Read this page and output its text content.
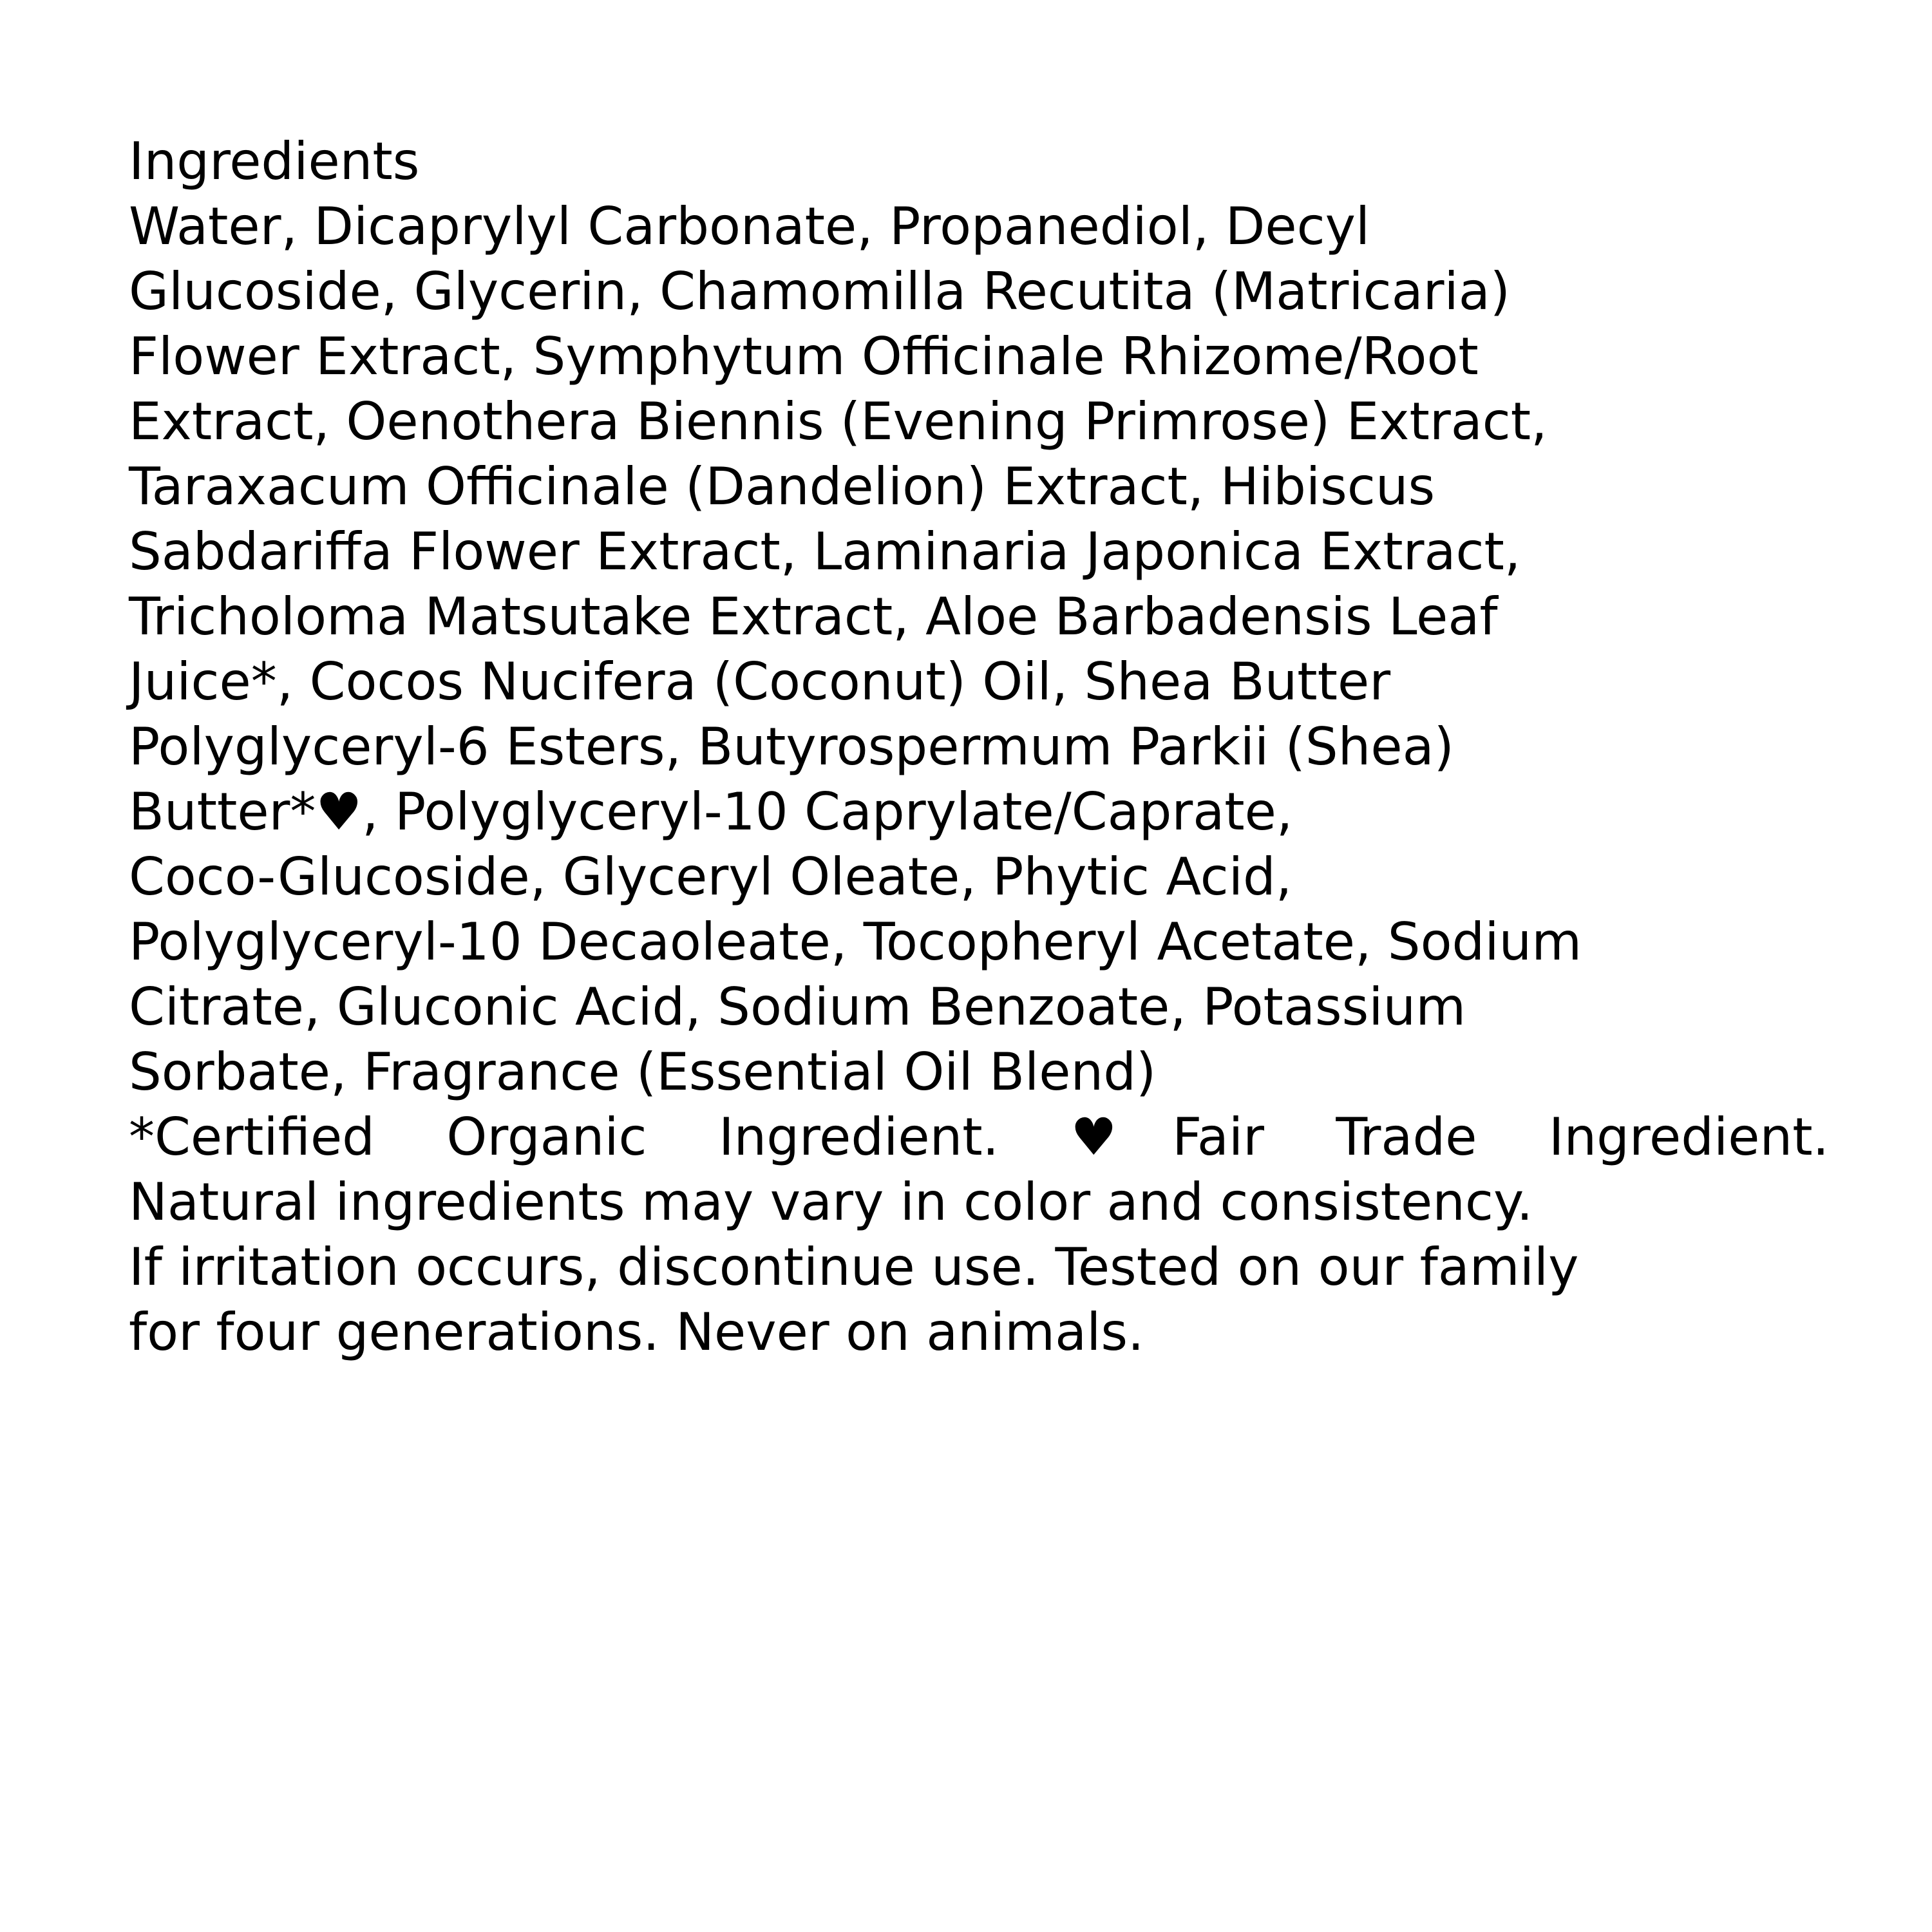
Ingredients
Water, Dicaprylyl Carbonate, Propanediol, Decyl
Glucoside, Glycerin, Chamomilla Recutita (Matricaria)
Flower Extract, Symphytum Officinale Rhizome/Root
Extract, Oenothera Biennis (Evening Primrose) Extract,
Taraxacum Officinale (Dandelion) Extract, Hibiscus
Sabdariffa Flower Extract, Laminaria Japonica Extract,
Tricholoma Matsutake Extract, Aloe Barbadensis Leaf
Juice*, Cocos Nucifera (Coconut) Oil, Shea Butter
Polyglyceryl-6 Esters, Butyrospermum Parkii (Shea)
Butter*♥, Polyglyceryl-10 Caprylate/Caprate,
Coco-Glucoside, Glyceryl Oleate, Phytic Acid,
Polyglyceryl-10 Decaoleate, Tocopheryl Acetate, Sodium
Citrate, Gluconic Acid, Sodium Benzoate, Potassium
Sorbate, Fragrance (Essential Oil Blend)
*Certified Organic Ingredient. ♥Fair Trade Ingredient.
Natural ingredients may vary in color and consistency.
If irritation occurs, discontinue use. Tested on our family
for four generations. Never on animals.
